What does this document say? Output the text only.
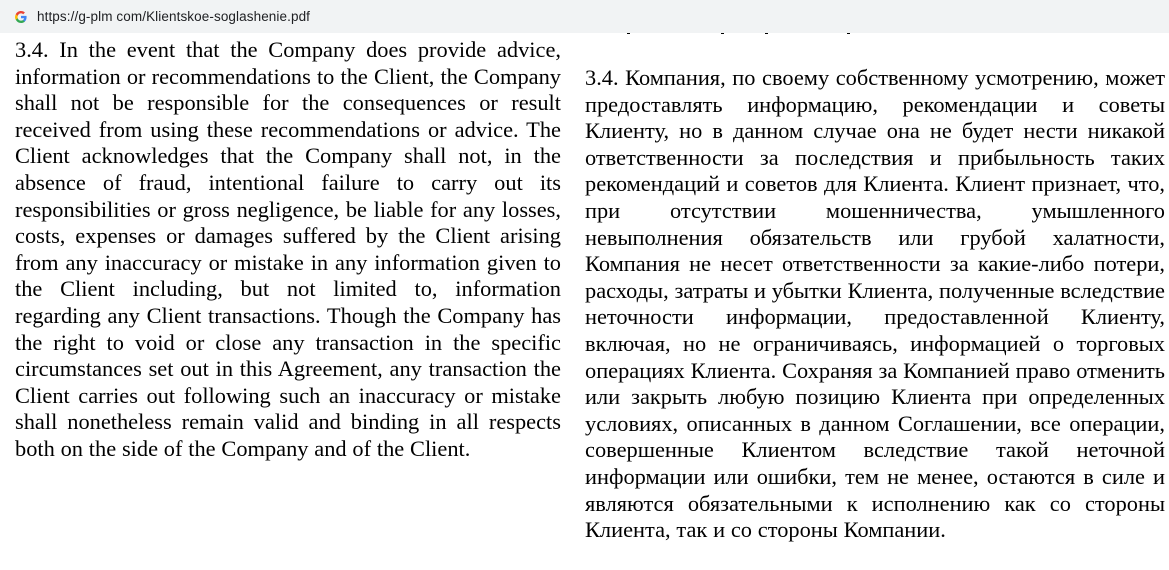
https://g-plm com/Klientskoe-soglashenie.pdf

3.4. In the event that the Company does provide advice, information or recommendations to the Client, the Company shall not be responsible for the consequences or result received from using these recommendations or advice. The Client acknowledges that the Company shall not, in the absence of fraud, intentional failure to carry out its responsibilities or gross negligence, be liable for any losses, costs, expenses or damages suffered by the Client arising from any inaccuracy or mistake in any information given to the Client including, but not limited to, information regarding any Client transactions. Though the Company has the right to void or close any transaction in the specific circumstances set out in this Agreement, any transaction the Client carries out following such an inaccuracy or mistake shall nonetheless remain valid and binding in all respects both on the side of the Company and of the Client.

3.4. Компания, по своему собственному усмотрению, может предоставлять информацию, рекомендации и советы Клиенту, но в данном случае она не будет нести никакой ответственности за последствия и прибыльность таких рекомендаций и советов для Клиента. Клиент признает, что, при отсутствии мошенничества, умышленного невыполнения обязательств или грубой халатности, Компания не несет ответственности за какие-либо потери, расходы, затраты и убытки Клиента, полученные вследствие неточности информации, предоставленной Клиенту, включая, но не ограничиваясь, информацией о торговых операциях Клиента. Сохраняя за Компанией право отменить или закрыть любую позицию Клиента при определенных условиях, описанных в данном Соглашении, все операции, совершенные Клиентом вследствие такой неточной информации или ошибки, тем не менее, остаются в силе и являются обязательными к исполнению как со стороны Клиента, так и со стороны Компании.
